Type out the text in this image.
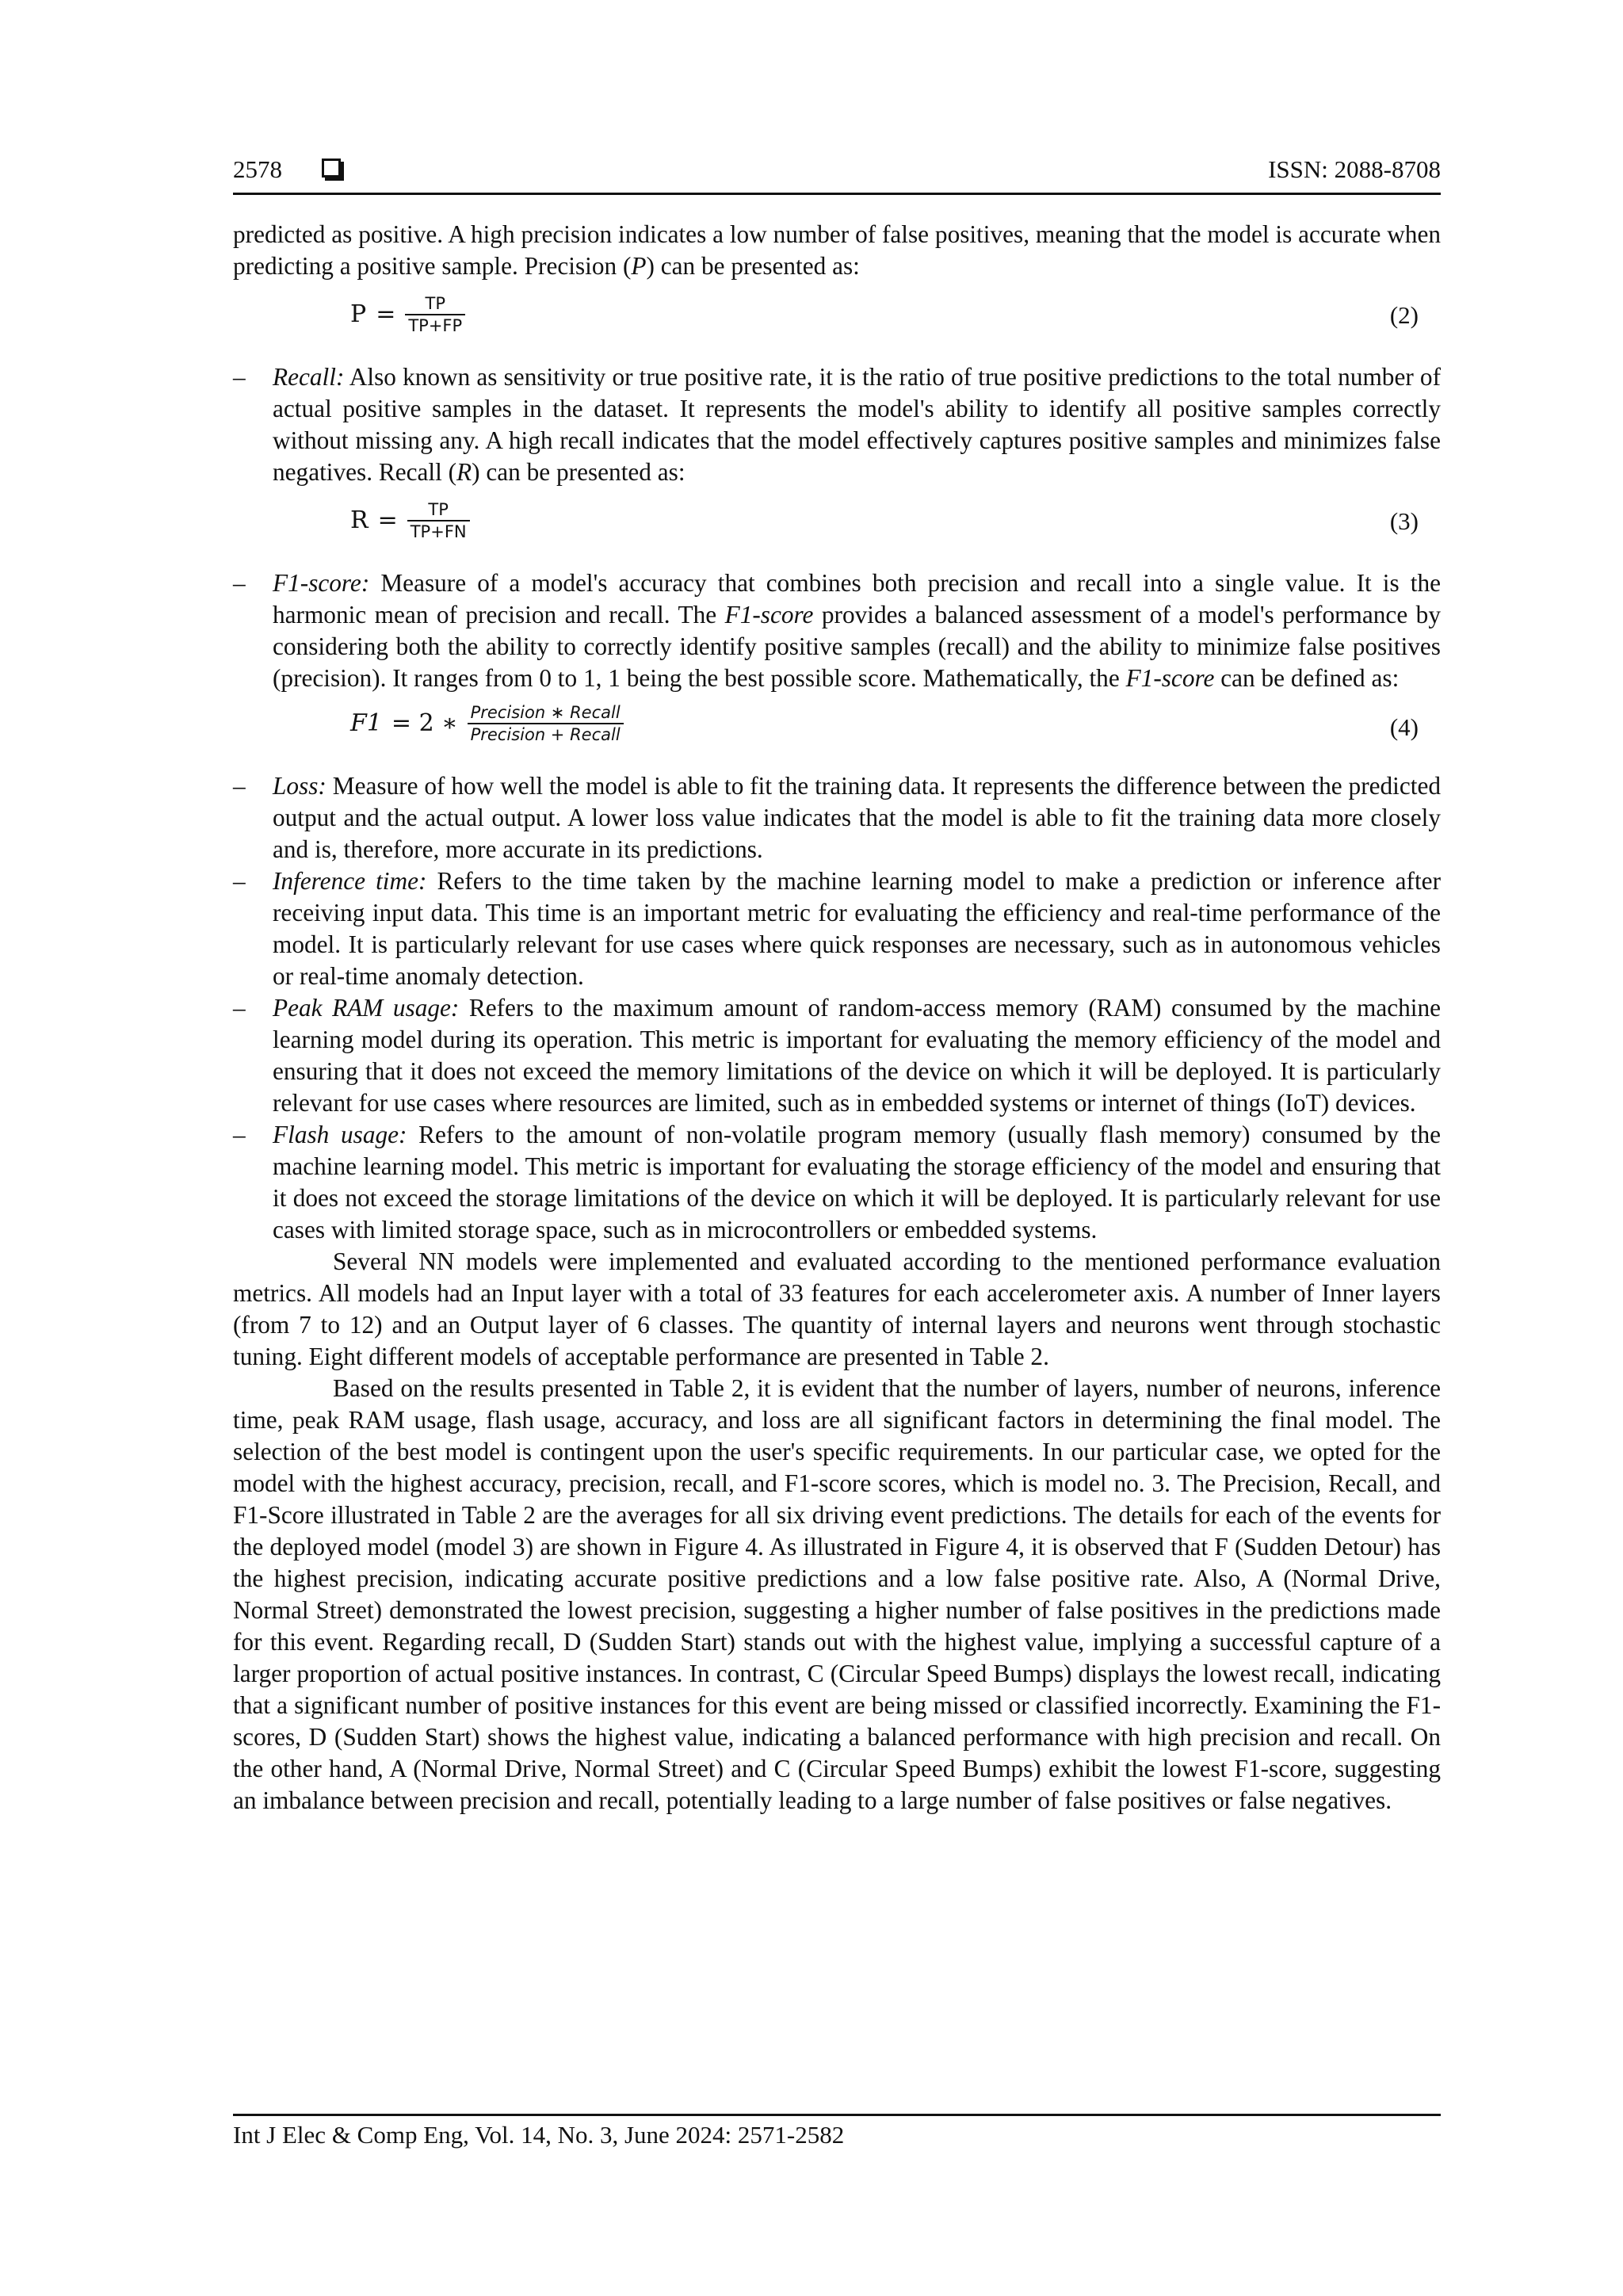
2578	ISSN: 2088-8708

predicted as positive. A high precision indicates a low number of false positives, meaning that the model is accurate when predicting a positive sample. Precision (P) can be presented as:

$P = \frac{TP}{TP+FP}$	(2)

– Recall: Also known as sensitivity or true positive rate, it is the ratio of true positive predictions to the total number of actual positive samples in the dataset. It represents the model's ability to identify all positive samples correctly without missing any. A high recall indicates that the model effectively captures positive samples and minimizes false negatives. Recall (R) can be presented as:

$R = \frac{TP}{TP+FN}$	(3)

– F1-score: Measure of a model's accuracy that combines both precision and recall into a single value. It is the harmonic mean of precision and recall. The F1-score provides a balanced assessment of a model's performance by considering both the ability to correctly identify positive samples (recall) and the ability to minimize false positives (precision). It ranges from 0 to 1, 1 being the best possible score. Mathematically, the F1-score can be defined as:

F1 = 2 ∗ $\frac{\text{Precision ∗ Recall}}{\text{Precision + Recall}}$	(4)

– Loss: Measure of how well the model is able to fit the training data. It represents the difference between the predicted output and the actual output. A lower loss value indicates that the model is able to fit the training data more closely and is, therefore, more accurate in its predictions.

– Inference time: Refers to the time taken by the machine learning model to make a prediction or inference after receiving input data. This time is an important metric for evaluating the efficiency and real-time performance of the model. It is particularly relevant for use cases where quick responses are necessary, such as in autonomous vehicles or real-time anomaly detection.

– Peak RAM usage: Refers to the maximum amount of random-access memory (RAM) consumed by the machine learning model during its operation. This metric is important for evaluating the memory efficiency of the model and ensuring that it does not exceed the memory limitations of the device on which it will be deployed. It is particularly relevant for use cases where resources are limited, such as in embedded systems or internet of things (IoT) devices.

– Flash usage: Refers to the amount of non-volatile program memory (usually flash memory) consumed by the machine learning model. This metric is important for evaluating the storage efficiency of the model and ensuring that it does not exceed the storage limitations of the device on which it will be deployed. It is particularly relevant for use cases with limited storage space, such as in microcontrollers or embedded systems.

Several NN models were implemented and evaluated according to the mentioned performance evaluation metrics. All models had an Input layer with a total of 33 features for each accelerometer axis. A number of Inner layers (from 7 to 12) and an Output layer of 6 classes. The quantity of internal layers and neurons went through stochastic tuning. Eight different models of acceptable performance are presented in Table 2.

Based on the results presented in Table 2, it is evident that the number of layers, number of neurons, inference time, peak RAM usage, flash usage, accuracy, and loss are all significant factors in determining the final model. The selection of the best model is contingent upon the user's specific requirements. In our particular case, we opted for the model with the highest accuracy, precision, recall, and F1-score scores, which is model no. 3. The Precision, Recall, and F1-Score illustrated in Table 2 are the averages for all six driving event predictions. The details for each of the events for the deployed model (model 3) are shown in Figure 4. As illustrated in Figure 4, it is observed that F (Sudden Detour) has the highest precision, indicating accurate positive predictions and a low false positive rate. Also, A (Normal Drive, Normal Street) demonstrated the lowest precision, suggesting a higher number of false positives in the predictions made for this event. Regarding recall, D (Sudden Start) stands out with the highest value, implying a successful capture of a larger proportion of actual positive instances. In contrast, C (Circular Speed Bumps) displays the lowest recall, indicating that a significant number of positive instances for this event are being missed or classified incorrectly. Examining the F1-scores, D (Sudden Start) shows the highest value, indicating a balanced performance with high precision and recall. On the other hand, A (Normal Drive, Normal Street) and C (Circular Speed Bumps) exhibit the lowest F1-score, suggesting an imbalance between precision and recall, potentially leading to a large number of false positives or false negatives.

Int J Elec & Comp Eng, Vol. 14, No. 3, June 2024: 2571-2582
